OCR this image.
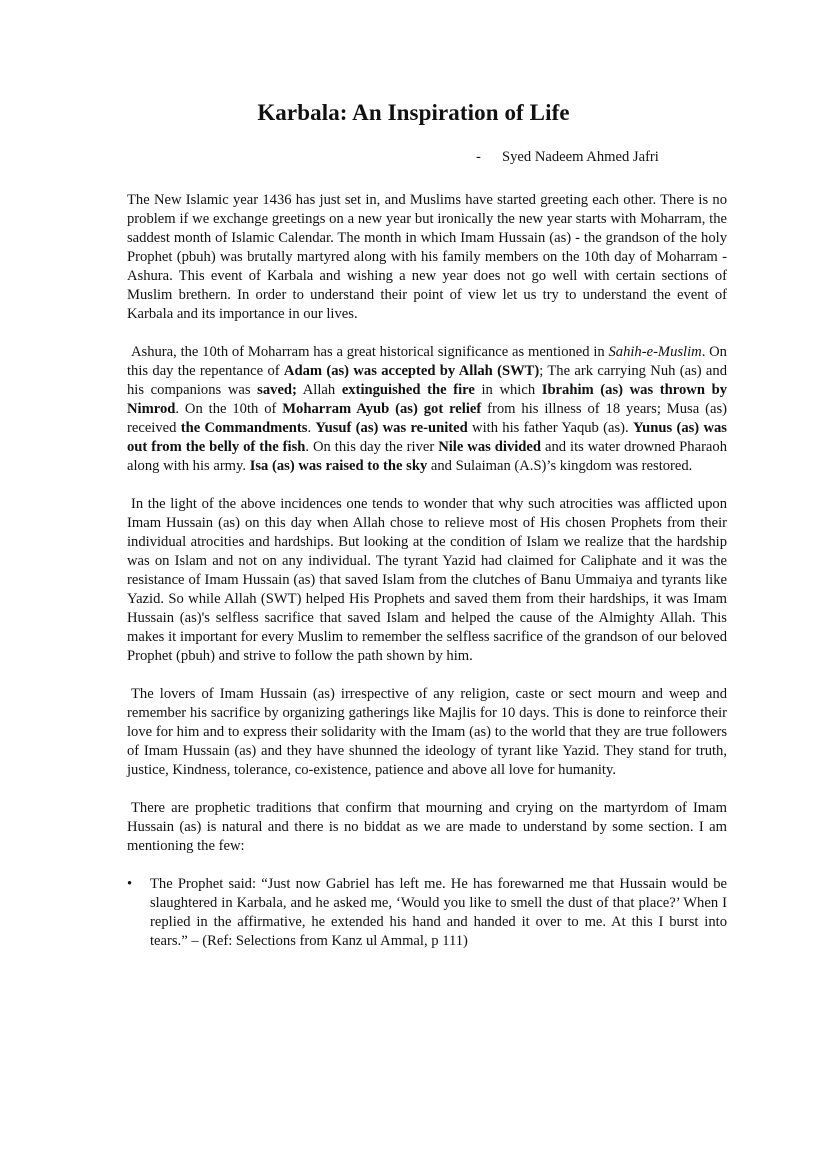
Karbala: An Inspiration of Life
- Syed Nadeem Ahmed Jafri

The New Islamic year 1436 has just set in, and Muslims have started greeting each other. There is no problem if we exchange greetings on a new year but ironically the new year starts with Moharram, the saddest month of Islamic Calendar. The month in which Imam Hussain (as) - the grandson of the holy Prophet (pbuh) was brutally martyred along with his family members on the 10th day of Moharram - Ashura. This event of Karbala and wishing a new year does not go well with certain sections of Muslim brethern. In order to understand their point of view let us try to understand the event of Karbala and its importance in our lives.

Ashura, the 10th of Moharram has a great historical significance as mentioned in Sahih-e-Muslim. On this day the repentance of Adam (as) was accepted by Allah (SWT); The ark carrying Nuh (as) and his companions was saved; Allah extinguished the fire in which Ibrahim (as) was thrown by Nimrod. On the 10th of Moharram Ayub (as) got relief from his illness of 18 years; Musa (as) received the Commandments. Yusuf (as) was re-united with his father Yaqub (as). Yunus (as) was out from the belly of the fish. On this day the river Nile was divided and its water drowned Pharaoh along with his army. Isa (as) was raised to the sky and Sulaiman (A.S)’s kingdom was restored.

In the light of the above incidences one tends to wonder that why such atrocities was afflicted upon Imam Hussain (as) on this day when Allah chose to relieve most of His chosen Prophets from their individual atrocities and hardships. But looking at the condition of Islam we realize that the hardship was on Islam and not on any individual. The tyrant Yazid had claimed for Caliphate and it was the resistance of Imam Hussain (as) that saved Islam from the clutches of Banu Ummaiya and tyrants like Yazid. So while Allah (SWT) helped His Prophets and saved them from their hardships, it was Imam Hussain (as)'s selfless sacrifice that saved Islam and helped the cause of the Almighty Allah. This makes it important for every Muslim to remember the selfless sacrifice of the grandson of our beloved Prophet (pbuh) and strive to follow the path shown by him.

The lovers of Imam Hussain (as) irrespective of any religion, caste or sect mourn and weep and remember his sacrifice by organizing gatherings like Majlis for 10 days. This is done to reinforce their love for him and to express their solidarity with the Imam (as) to the world that they are true followers of Imam Hussain (as) and they have shunned the ideology of tyrant like Yazid. They stand for truth, justice, Kindness, tolerance, co-existence, patience and above all love for humanity.

There are prophetic traditions that confirm that mourning and crying on the martyrdom of Imam Hussain (as) is natural and there is no biddat as we are made to understand by some section. I am mentioning the few:

• The Prophet said: “Just now Gabriel has left me. He has forewarned me that Hussain would be slaughtered in Karbala, and he asked me, ‘Would you like to smell the dust of that place?’ When I replied in the affirmative, he extended his hand and handed it over to me. At this I burst into tears.” – (Ref: Selections from Kanz ul Ammal, p 111)
